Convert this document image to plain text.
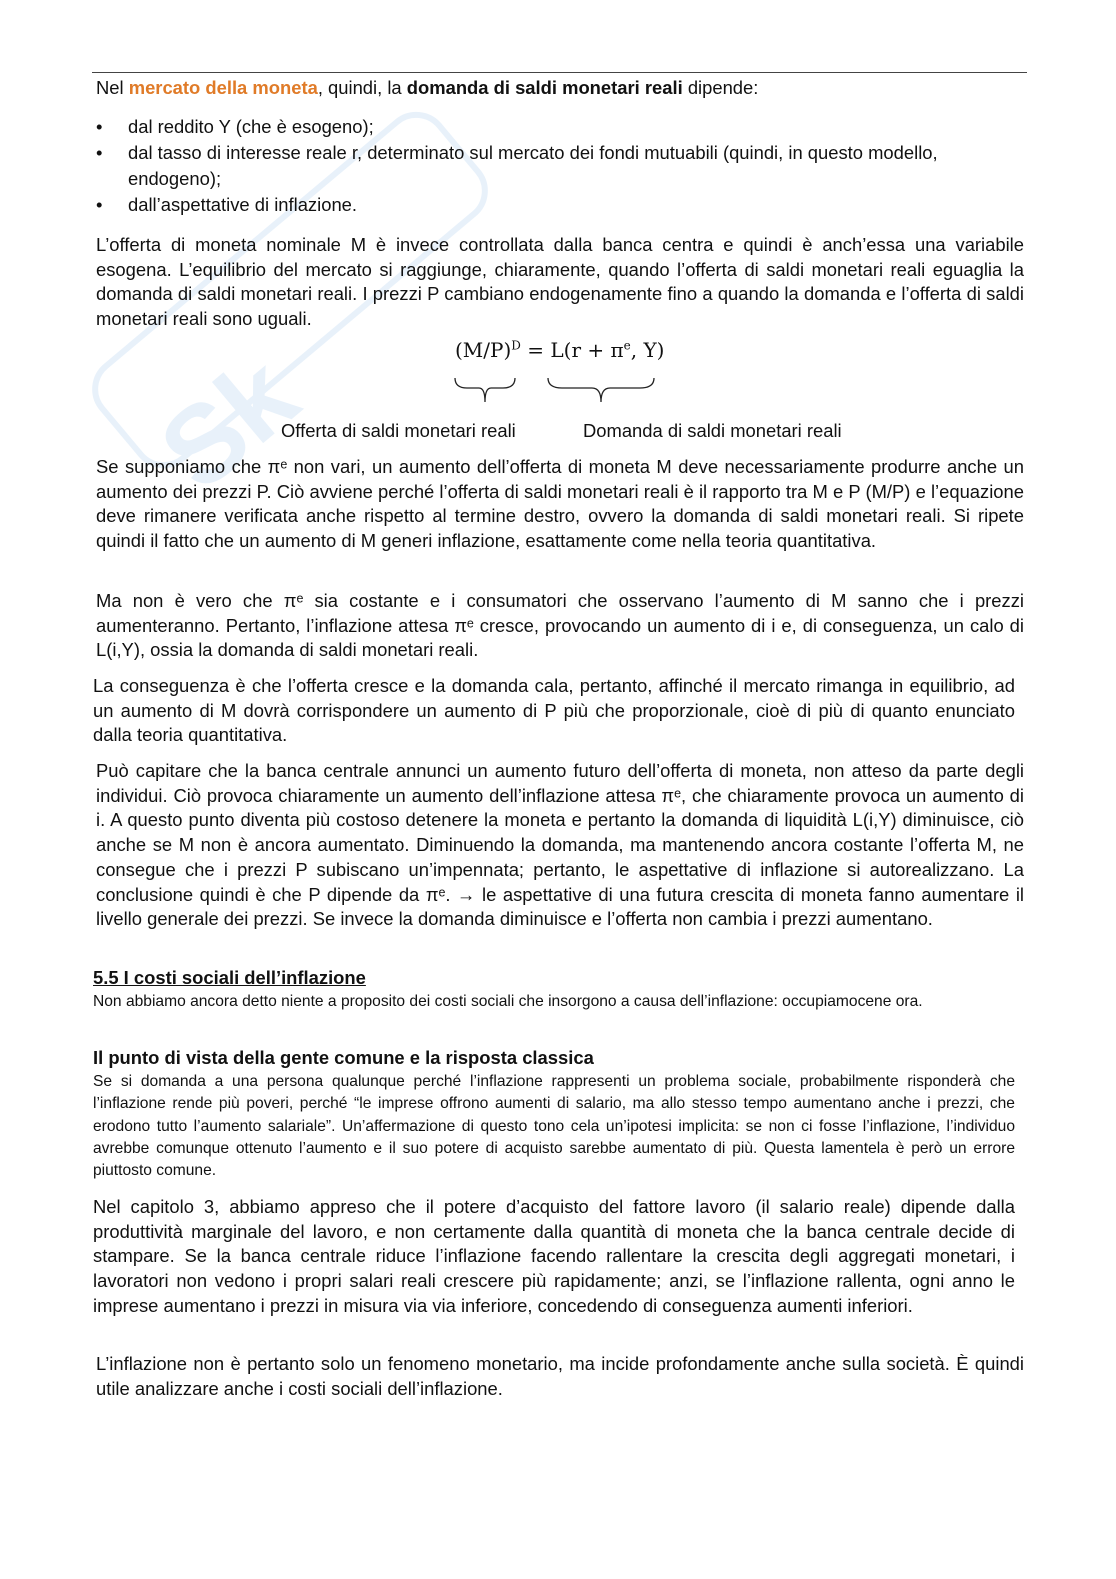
Sk
Nel mercato della moneta, quindi, la domanda di saldi monetari reali dipende:
• dal reddito Y (che è esogeno);
• dal tasso di interesse reale r, determinato sul mercato dei fondi mutuabili (quindi, in questo modello, endogeno);
• dall’aspettative di inflazione.
L’offerta di moneta nominale M è invece controllata dalla banca centra e quindi è anch’essa una variabile esogena. L’equilibrio del mercato si raggiunge, chiaramente, quando l’offerta di saldi monetari reali eguaglia la domanda di saldi monetari reali. I prezzi P cambiano endogenamente fino a quando la domanda e l’offerta di saldi monetari reali sono uguali.
$(M/P)^D = L(r + \pi^e$, Y)
Offerta di saldi monetari reali	Domanda di saldi monetari reali
Se supponiamo che πᵉ non vari, un aumento dell’offerta di moneta M deve necessariamente produrre anche un aumento dei prezzi P. Ciò avviene perché l’offerta di saldi monetari reali è il rapporto tra M e P (M/P) e l’equazione deve rimanere verificata anche rispetto al termine destro, ovvero la domanda di saldi monetari reali. Si ripete quindi il fatto che un aumento di M generi inflazione, esattamente come nella teoria quantitativa.
Ma non è vero che πᵉ sia costante e i consumatori che osservano l’aumento di M sanno che i prezzi aumenteranno. Pertanto, l’inflazione attesa πᵉ cresce, provocando un aumento di i e, di conseguenza, un calo di L(i,Y), ossia la domanda di saldi monetari reali.
La conseguenza è che l’offerta cresce e la domanda cala, pertanto, affinché il mercato rimanga in equilibrio, ad un aumento di M dovrà corrispondere un aumento di P più che proporzionale, cioè di più di quanto enunciato dalla teoria quantitativa.
Può capitare che la banca centrale annunci un aumento futuro dell’offerta di moneta, non atteso da parte degli individui. Ciò provoca chiaramente un aumento dell’inflazione attesa πᵉ, che chiaramente provoca un aumento di i. A questo punto diventa più costoso detenere la moneta e pertanto la domanda di liquidità L(i,Y) diminuisce, ciò anche se M non è ancora aumentato. Diminuendo la domanda, ma mantenendo ancora costante l’offerta M, ne consegue che i prezzi P subiscano un’impennata; pertanto, le aspettative di inflazione si autorealizzano. La conclusione quindi è che P dipende da πᵉ. → le aspettative di una futura crescita di moneta fanno aumentare il livello generale dei prezzi. Se invece la domanda diminuisce e l’offerta non cambia i prezzi aumentano.
5.5 I costi sociali dell’inflazione
Non abbiamo ancora detto niente a proposito dei costi sociali che insorgono a causa dell’inflazione: occupiamocene ora.
Il punto di vista della gente comune e la risposta classica
Se si domanda a una persona qualunque perché l’inflazione rappresenti un problema sociale, probabilmente risponderà che l’inflazione rende più poveri, perché “le imprese offrono aumenti di salario, ma allo stesso tempo aumentano anche i prezzi, che erodono tutto l’aumento salariale”. Un’affermazione di questo tono cela un’ipotesi implicita: se non ci fosse l’inflazione, l’individuo avrebbe comunque ottenuto l’aumento e il suo potere di acquisto sarebbe aumentato di più. Questa lamentela è però un errore piuttosto comune.
Nel capitolo 3, abbiamo appreso che il potere d’acquisto del fattore lavoro (il salario reale) dipende dalla produttività marginale del lavoro, e non certamente dalla quantità di moneta che la banca centrale decide di stampare. Se la banca centrale riduce l’inflazione facendo rallentare la crescita degli aggregati monetari, i lavoratori non vedono i propri salari reali crescere più rapidamente; anzi, se l’inflazione rallenta, ogni anno le imprese aumentano i prezzi in misura via via inferiore, concedendo di conseguenza aumenti inferiori.
L’inflazione non è pertanto solo un fenomeno monetario, ma incide profondamente anche sulla società. È quindi utile analizzare anche i costi sociali dell’inflazione.
